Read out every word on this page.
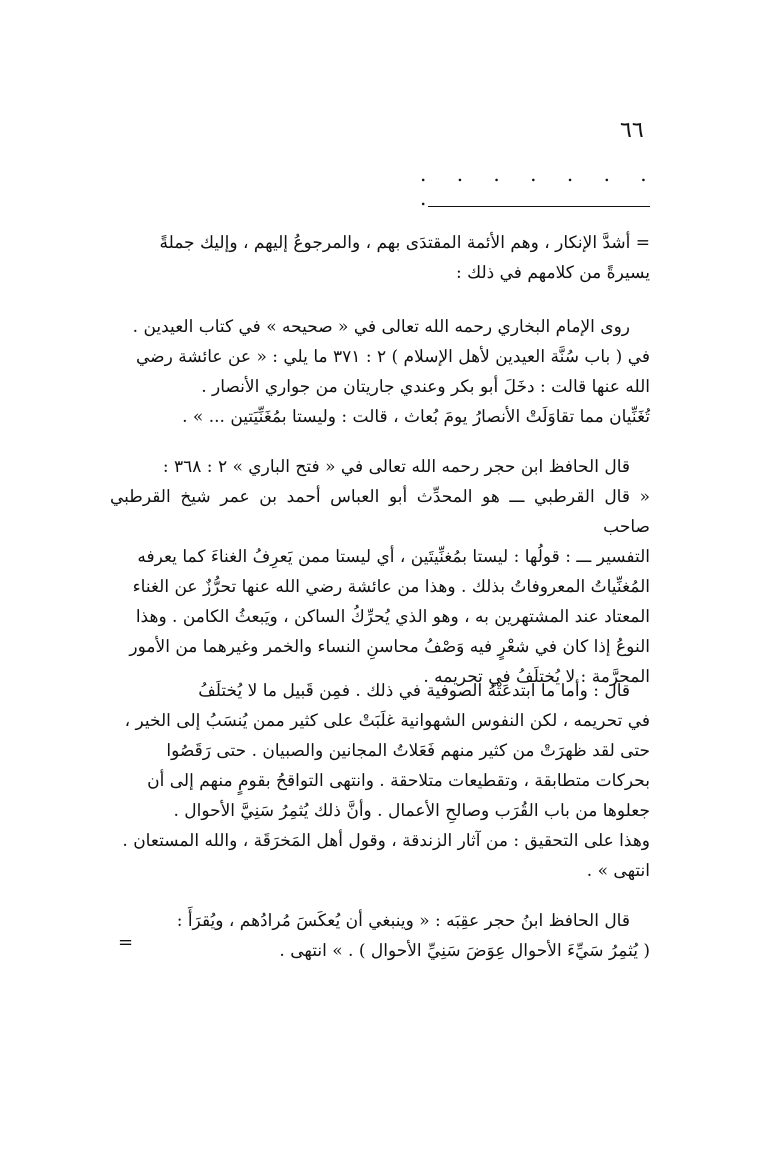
٦٦
. . . . . . . .

= أشدَّ الإنكار ، وهم الأئمة المقتدَى بهم ، والمرجوعُ إليهم ، وإليك جملةً
يسيرةً من كلامهم في ذلك :

روى الإمام البخاري رحمه الله تعالى في « صحيحه » في كتاب العيدين .
في ( باب سُنَّة العيدين لأهل الإسلام ) ٢ : ٣٧١ ما يلي : « عن عائشة رضي
الله عنها قالت : دخَلَ أبو بكر وعندي جاريتان من جواري الأنصار .
تُغَنِّيان مما تقاوَلَتْ الأنصارُ يومَ بُعاث ، قالت : وليستا بمُغَنِّيَتين ... » .

قال الحافظ ابن حجر رحمه الله تعالى في « فتح الباري » ٢ : ٣٦٨ :
« قال القرطبي ـــ هو المحدِّث أبو العباس أحمد بن عمر شيخ القرطبي صاحب
التفسير ـــ : قولُها : ليستا بمُغنِّيتَين ، أي ليستا ممن يَعرِفُ الغناءَ كما يعرفه
المُغنِّياتُ المعروفاتُ بذلك . وهذا من عائشة رضي الله عنها تحرُّزٌ عن الغناء
المعتاد عند المشتهرين به ، وهو الذي يُحرِّكُ الساكن ، ويَبعثُ الكامن . وهذا
النوعُ إذا كان في شعْرٍ فيه وَصْفُ محاسنِ النساء والخمر وغيرهما من الأمور
المحرَّمة : لا يُختلَفُ في تحريمه .

قال : وأما ما ابتدعَتْهُ الصوفية في ذلك . فمِن قَبيل ما لا يُختلَفُ
في تحريمه ، لكن النفوس الشهوانية غلَبَتْ على كثير ممن يُنسَبُ إلى الخير ،
حتى لقد ظهرَتْ من كثير منهم فَعَلاتُ المجانين والصبيان . حتى رَقَصُوا
بحركات متطابقة ، وتقطيعات متلاحقة . وانتهى التواقحُ بقومٍ منهم إلى أن
جعلوها من باب القُرَب وصالحِ الأعمال . وأنَّ ذلك يُثمِرُ سَنِيَّ الأحوال .
وهذا على التحقيق : من آثار الزندقة ، وقول أهل المَخرَقَة ، والله المستعان .
انتهى » .

قال الحافظ ابنُ حجر عقِبَه : « وينبغي أن يُعكَسَ مُرادُهم ، ويُقرَأَ :
( يُثمِرُ سَيِّءَ الأحوال عِوَضَ سَنِيِّ الأحوال ) . » انتهى .

=
